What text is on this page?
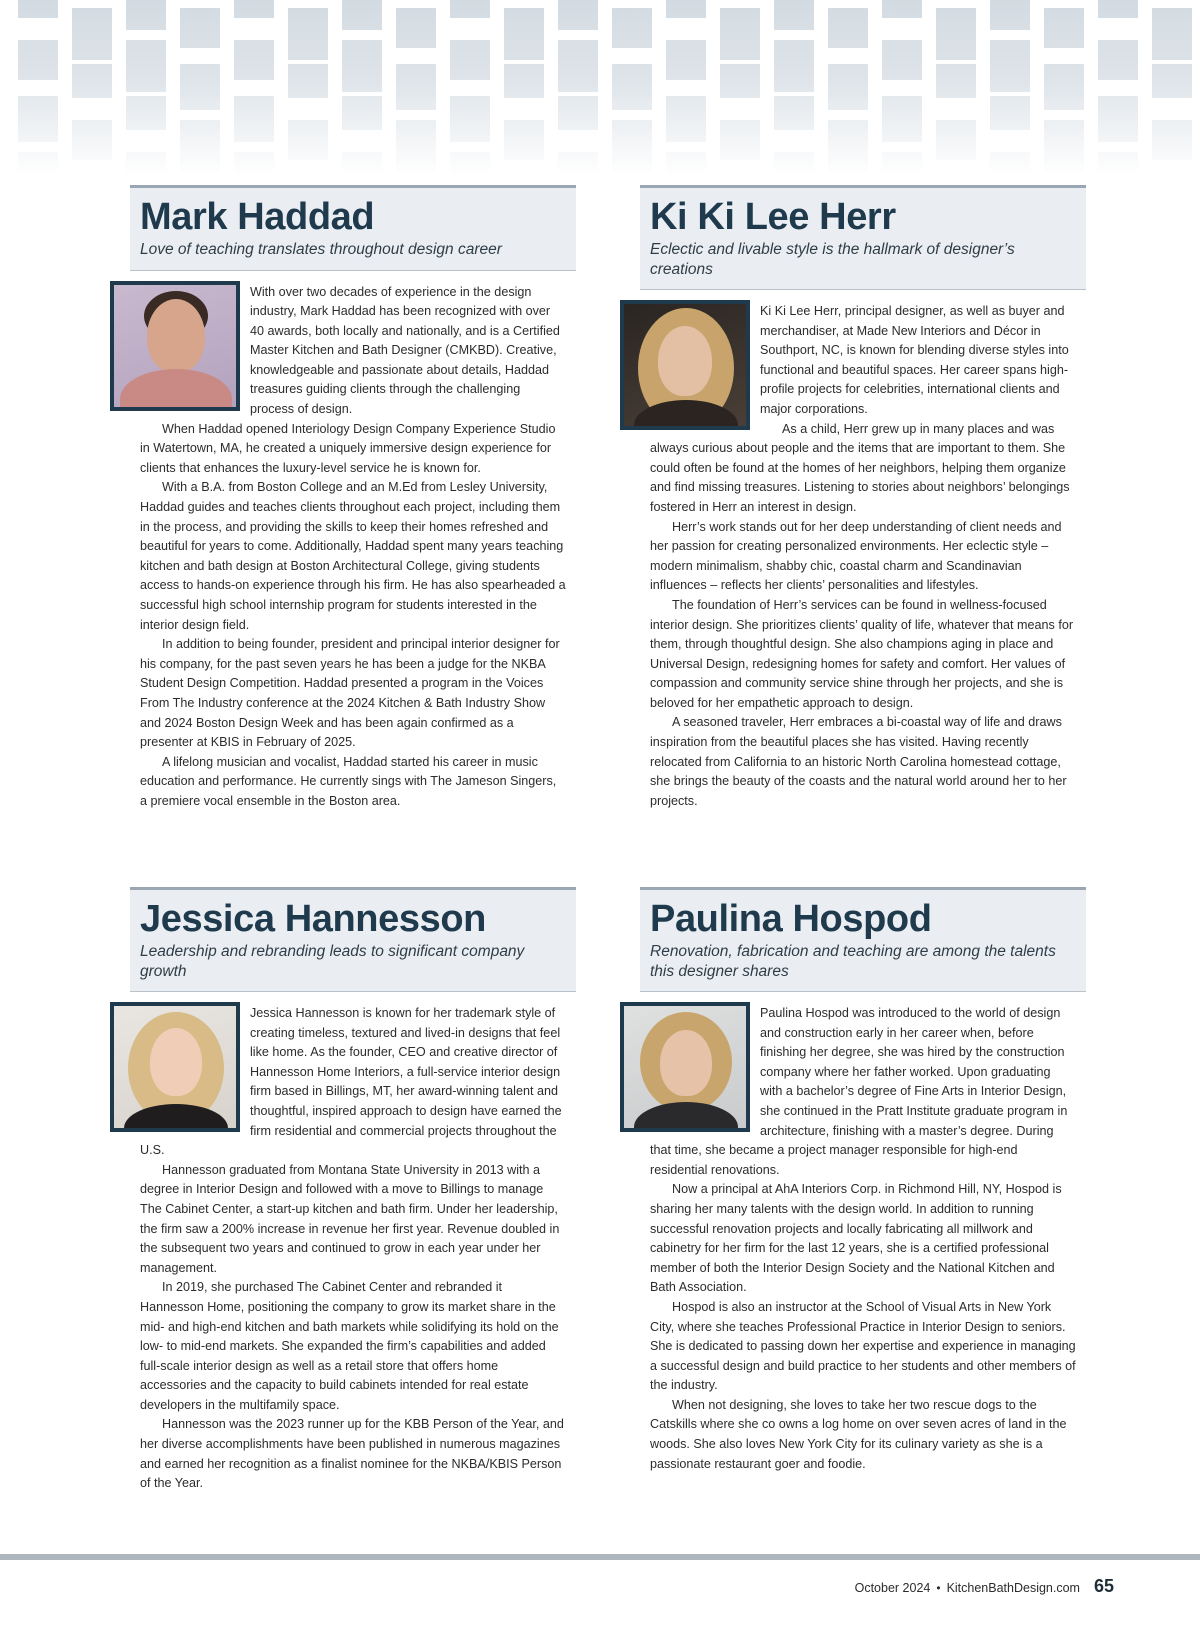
Mark Haddad
Love of teaching translates throughout design career

With over two decades of experience in the design industry, Mark Haddad has been recognized with over 40 awards, both locally and nationally, and is a Certified Master Kitchen and Bath Designer (CMKBD). Creative, knowledgeable and passionate about details, Haddad treasures guiding clients through the challenging process of design.

When Haddad opened Interiology Design Company Experience Studio in Watertown, MA, he created a uniquely immersive design experience for clients that enhances the luxury-level service he is known for.

With a B.A. from Boston College and an M.Ed from Lesley University, Haddad guides and teaches clients throughout each project, including them in the process, and providing the skills to keep their homes refreshed and beautiful for years to come. Additionally, Haddad spent many years teaching kitchen and bath design at Boston Architectural College, giving students access to hands-on experience through his firm. He has also spearheaded a successful high school internship program for students interested in the interior design field.

In addition to being founder, president and principal interior designer for his company, for the past seven years he has been a judge for the NKBA Student Design Competition. Haddad presented a program in the Voices From The Industry conference at the 2024 Kitchen & Bath Industry Show and 2024 Boston Design Week and has been again confirmed as a presenter at KBIS in February of 2025.

A lifelong musician and vocalist, Haddad started his career in music education and performance. He currently sings with The Jameson Singers, a premiere vocal ensemble in the Boston area.

Ki Ki Lee Herr
Eclectic and livable style is the hallmark of designer’s creations

Ki Ki Lee Herr, principal designer, as well as buyer and merchandiser, at Made New Interiors and Décor in Southport, NC, is known for blending diverse styles into functional and beautiful spaces. Her career spans high-profile projects for celebrities, international clients and major corporations.

As a child, Herr grew up in many places and was always curious about people and the items that are important to them. She could often be found at the homes of her neighbors, helping them organize and find missing treasures. Listening to stories about neighbors’ belongings fostered in Herr an interest in design.

Herr’s work stands out for her deep understanding of client needs and her passion for creating personalized environments. Her eclectic style – modern minimalism, shabby chic, coastal charm and Scandinavian influences – reflects her clients’ personalities and lifestyles.

The foundation of Herr’s services can be found in wellness-focused interior design. She prioritizes clients’ quality of life, whatever that means for them, through thoughtful design. She also champions aging in place and Universal Design, redesigning homes for safety and comfort. Her values of compassion and community service shine through her projects, and she is beloved for her empathetic approach to design.

A seasoned traveler, Herr embraces a bi-coastal way of life and draws inspiration from the beautiful places she has visited. Having recently relocated from California to an historic North Carolina homestead cottage, she brings the beauty of the coasts and the natural world around her to her projects.

Jessica Hannesson
Leadership and rebranding leads to significant company growth

Jessica Hannesson is known for her trademark style of creating timeless, textured and lived-in designs that feel like home. As the founder, CEO and creative director of Hannesson Home Interiors, a full-service interior design firm based in Billings, MT, her award-winning talent and thoughtful, inspired approach to design have earned the firm residential and commercial projects throughout the U.S.

Hannesson graduated from Montana State University in 2013 with a degree in Interior Design and followed with a move to Billings to manage The Cabinet Center, a start-up kitchen and bath firm. Under her leadership, the firm saw a 200% increase in revenue her first year. Revenue doubled in the subsequent two years and continued to grow in each year under her management.

In 2019, she purchased The Cabinet Center and rebranded it Hannesson Home, positioning the company to grow its market share in the mid- and high-end kitchen and bath markets while solidifying its hold on the low- to mid-end markets. She expanded the firm’s capabilities and added full-scale interior design as well as a retail store that offers home accessories and the capacity to build cabinets intended for real estate developers in the multifamily space.

Hannesson was the 2023 runner up for the KBB Person of the Year, and her diverse accomplishments have been published in numerous magazines and earned her recognition as a finalist nominee for the NKBA/KBIS Person of the Year.

Paulina Hospod
Renovation, fabrication and teaching are among the talents this designer shares

Paulina Hospod was introduced to the world of design and construction early in her career when, before finishing her degree, she was hired by the construction company where her father worked. Upon graduating with a bachelor’s degree of Fine Arts in Interior Design, she continued in the Pratt Institute graduate program in architecture, finishing with a master’s degree. During that time, she became a project manager responsible for high-end residential renovations.

Now a principal at AhA Interiors Corp. in Richmond Hill, NY, Hospod is sharing her many talents with the design world. In addition to running successful renovation projects and locally fabricating all millwork and cabinetry for her firm for the last 12 years, she is a certified professional member of both the Interior Design Society and the National Kitchen and Bath Association.

Hospod is also an instructor at the School of Visual Arts in New York City, where she teaches Professional Practice in Interior Design to seniors. She is dedicated to passing down her expertise and experience in managing a successful design and build practice to her students and other members of the industry.

When not designing, she loves to take her two rescue dogs to the Catskills where she co owns a log home on over seven acres of land in the woods. She also loves New York City for its culinary variety as she is a passionate restaurant goer and foodie.

October 2024 • KitchenBathDesign.com 65
